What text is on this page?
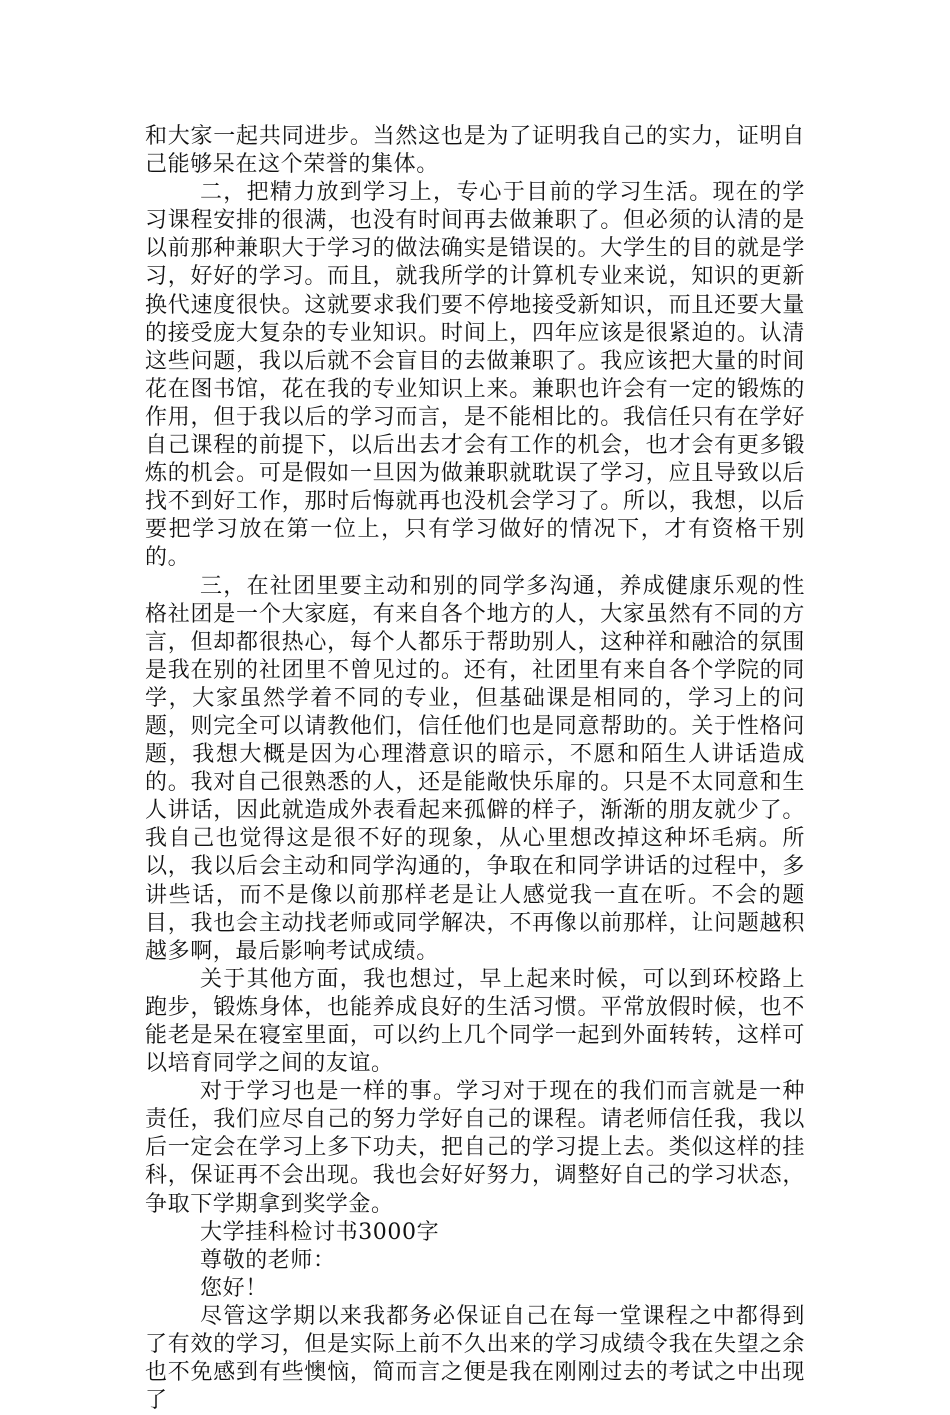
和大家一起共同进步。当然这也是为了证明我自己的实力，证明自己能够呆在这个荣誉的集体。

二，把精力放到学习上，专心于目前的学习生活。现在的学习课程安排的很满，也没有时间再去做兼职了。但必须的认清的是以前那种兼职大于学习的做法确实是错误的。大学生的目的就是学习，好好的学习。而且，就我所学的计算机专业来说，知识的更新换代速度很快。这就要求我们要不停地接受新知识，而且还要大量的接受庞大复杂的专业知识。时间上，四年应该是很紧迫的。认清这些问题，我以后就不会盲目的去做兼职了。我应该把大量的时间花在图书馆，花在我的专业知识上来。兼职也许会有一定的锻炼的作用，但于我以后的学习而言，是不能相比的。我信任只有在学好自己课程的前提下，以后出去才会有工作的机会，也才会有更多锻炼的机会。可是假如一旦因为做兼职就耽误了学习，应且导致以后找不到好工作，那时后悔就再也没机会学习了。所以，我想，以后要把学习放在第一位上，只有学习做好的情况下，才有资格干别的。

三，在社团里要主动和别的同学多沟通，养成健康乐观的性格社团是一个大家庭，有来自各个地方的人，大家虽然有不同的方言，但却都很热心，每个人都乐于帮助别人，这种祥和融洽的氛围是我在别的社团里不曾见过的。还有，社团里有来自各个学院的同学，大家虽然学着不同的专业，但基础课是相同的，学习上的问题，则完全可以请教他们，信任他们也是同意帮助的。关于性格问题，我想大概是因为心理潜意识的暗示，不愿和陌生人讲话造成的。我对自己很熟悉的人，还是能敞快乐扉的。只是不太同意和生人讲话，因此就造成外表看起来孤僻的样子，渐渐的朋友就少了。我自己也觉得这是很不好的现象，从心里想改掉这种坏毛病。所以，我以后会主动和同学沟通的，争取在和同学讲话的过程中，多讲些话，而不是像以前那样老是让人感觉我一直在听。不会的题目，我也会主动找老师或同学解决，不再像以前那样，让问题越积越多啊，最后影响考试成绩。

关于其他方面，我也想过，早上起来时候，可以到环校路上跑步，锻炼身体，也能养成良好的生活习惯。平常放假时候，也不能老是呆在寝室里面，可以约上几个同学一起到外面转转，这样可以培育同学之间的友谊。

对于学习也是一样的事。学习对于现在的我们而言就是一种责任，我们应尽自己的努力学好自己的课程。请老师信任我，我以后一定会在学习上多下功夫，把自己的学习提上去。类似这样的挂科，保证再不会出现。我也会好好努力，调整好自己的学习状态，争取下学期拿到奖学金。

大学挂科检讨书3000字

尊敬的老师：

您好！

尽管这学期以来我都务必保证自己在每一堂课程之中都得到了有效的学习，但是实际上前不久出来的学习成绩令我在失望之余也不免感到有些懊恼，简而言之便是我在刚刚过去的考试之中出现了
